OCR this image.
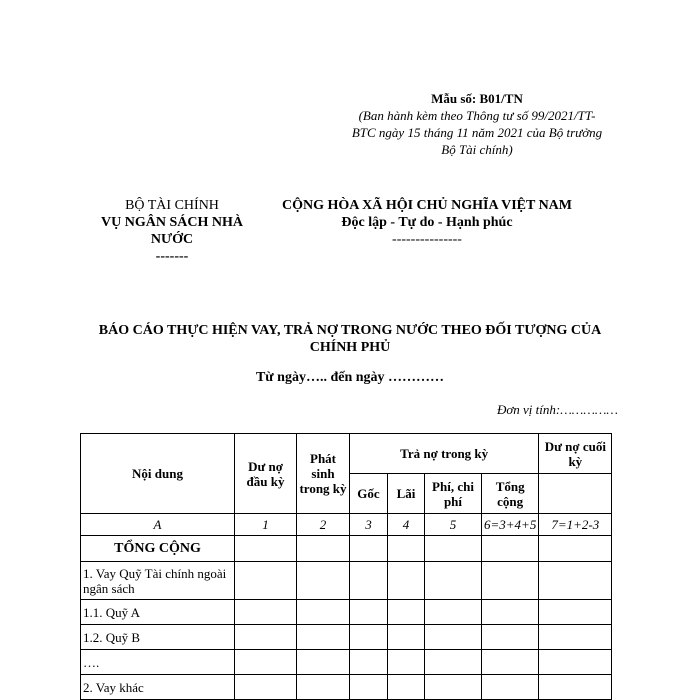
Mẫu số: B01/TN
(Ban hành kèm theo Thông tư số 99/2021/TT-
BTC ngày 15 tháng 11 năm 2021 của Bộ trưởng
Bộ Tài chính)
BỘ TÀI CHÍNH
VỤ NGÂN SÁCH NHÀ
NƯỚC
-------
CỘNG HÒA XÃ HỘI CHỦ NGHĨA VIỆT NAM
Độc lập - Tự do - Hạnh phúc
---------------
BÁO CÁO THỰC HIỆN VAY, TRẢ NỢ TRONG NƯỚC THEO ĐỐI TƯỢNG CỦA
CHÍNH PHỦ
Từ ngày….. đến ngày …………
Đơn vị tính:……………
Nội dung	Dư nợ đầu kỳ	Phát sinh trong kỳ	Trả nợ trong kỳ				Dư nợ cuối kỳ
			Gốc	Lãi	Phí, chi phí	Tổng cộng	
A	1	2	3	4	5	6=3+4+5	7=1+2-3
TỔNG CỘNG							
1. Vay Quỹ Tài chính ngoài ngân sách							
1.1. Quỹ A							
1.2. Quỹ B							
….							
2. Vay khác							
